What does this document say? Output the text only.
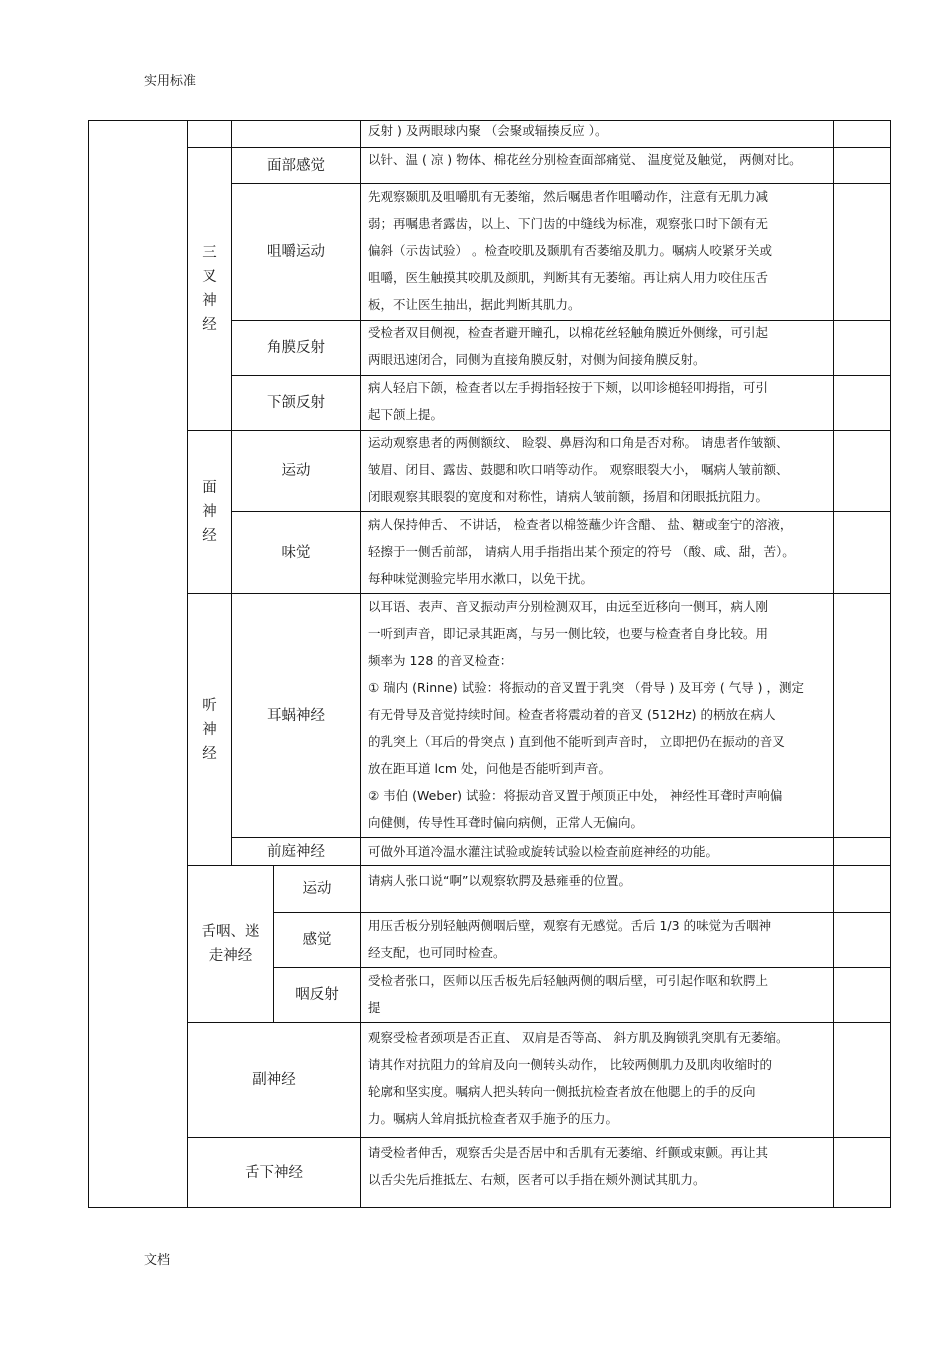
实用标准
反射 ) 及两眼球内聚 （会聚或辐揍反应 ）。
三叉神经
面部感觉	以针、温 ( 凉 ) 物体、棉花丝分别检查面部痛觉、 温度觉及触觉， 两侧对比。
咀嚼运动
先观察颞肌及咀嚼肌有无萎缩，然后嘱患者作咀嚼动作，注意有无肌力减
弱；再嘱患者露齿，以上、下门齿的中缝线为标准，观察张口时下颌有无
偏斜（示齿试验） 。检查咬肌及颞肌有否萎缩及肌力。嘱病人咬紧牙关或
咀嚼，医生触摸其咬肌及颜肌，判断其有无萎缩。再让病人用力咬住压舌
板，不让医生抽出，据此判断其肌力。
角膜反射
受检者双目侧视，检查者避开瞳孔，以棉花丝轻触角膜近外侧缘，可引起
两眼迅速闭合，同侧为直接角膜反射，对侧为间接角膜反射。
下颌反射
病人轻启下颌，检查者以左手拇指轻按于下颊，以叩诊槌轻叩拇指，可引
起下颌上提。
面神经
运动
运动观察患者的两侧额纹、 睑裂、鼻唇沟和口角是否对称。 请患者作皱额、
皱眉、闭目、露齿、鼓腮和吹口哨等动作。 观察眼裂大小， 嘱病人皱前额、
闭眼观察其眼裂的宽度和对称性，请病人皱前额，扬眉和闭眼抵抗阻力。
味觉
病人保持伸舌、 不讲话， 检查者以棉签蘸少许含醋、 盐、糖或奎宁的溶液，
轻擦于一侧舌前部， 请病人用手指指出某个预定的符号 （酸、咸、甜，苦）。
每种味觉测验完毕用水漱口，以免干扰。
听神经
耳蜗神经
以耳语、表声、音叉振动声分别检测双耳，由远至近移向一侧耳，病人刚
一听到声音，即记录其距离，与另一侧比较，也要与检查者自身比较。用
频率为 128 的音叉检查：
① 瑞内 (Rinne) 试验：将振动的音叉置于乳突 （骨导 ) 及耳旁 ( 气导 ) ，测定
有无骨导及音觉持续时间。检查者将震动着的音叉 (512Hz) 的柄放在病人
的乳突上（耳后的骨突点 ) 直到他不能听到声音时， 立即把仍在振动的音叉
放在距耳道 lcm 处，问他是否能听到声音。
② 韦伯 (Weber) 试验：将振动音叉置于颅顶正中处， 神经性耳聋时声响偏
向健侧，传导性耳聋时偏向病侧，正常人无偏向。
前庭神经	可做外耳道冷温水灌注试验或旋转试验以检查前庭神经的功能。
舌咽、迷
走神经
运动
请病人张口说“啊”以观察软腭及悬雍垂的位置。
感觉
用压舌板分别轻触两侧咽后壁，观察有无感觉。舌后 1/3 的味觉为舌咽神
经支配，也可同时检查。
咽反射
受检者张口，医师以压舌板先后轻触两侧的咽后壁，可引起作呕和软腭上
提
副神经
观察受检者颈项是否正直、 双肩是否等高、 斜方肌及胸锁乳突肌有无萎缩。
请其作对抗阻力的耸肩及向一侧转头动作， 比较两侧肌力及肌肉收缩时的
轮廓和坚实度。嘱病人把头转向一侧抵抗检查者放在他腮上的手的反向
力。嘱病人耸肩抵抗检查者双手施予的压力。
舌下神经
请受检者伸舌，观察舌尖是否居中和舌肌有无萎缩、纤颤或束颤。再让其
以舌尖先后推抵左、右颊，医者可以手指在颊外测试其肌力。
文档
